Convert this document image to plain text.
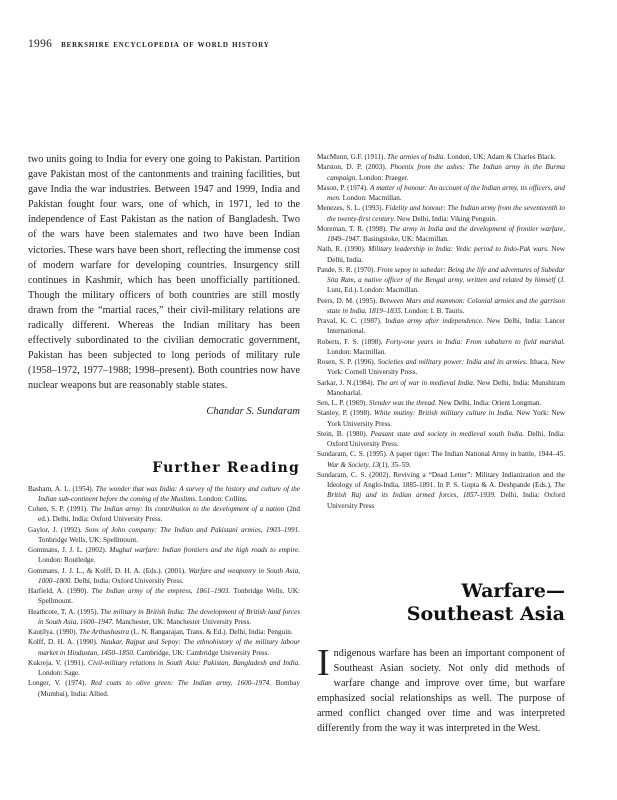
1996 berkshire encyclopedia of world history

two units going to India for every one going to Pakistan. Partition gave Pakistan most of the cantonments and training facilities, but gave India the war industries. Between 1947 and 1999, India and Pakistan fought four wars, one of which, in 1971, led to the independence of East Pakistan as the nation of Bangladesh. Two of the wars have been stalemates and two have been Indian victories. These wars have been short, reflecting the immense cost of modern warfare for developing countries. Insurgency still continues in Kashmir, which has been unofficially partitioned. Though the military officers of both countries are still mostly drawn from the “martial races,” their civil-military relations are radically different. Whereas the Indian military has been effectively subordinated to the civilian democratic government, Pakistan has been subjected to long periods of military rule (1958–1972, 1977–1988; 1998–present). Both countries now have nuclear weapons but are reasonably stable states.

Chandar S. Sundaram

Further Reading
Basham, A. L. (1954). The wonder that was India: A survey of the history and culture of the Indian sub-continent before the coming of the Muslims. London: Collins.
Cohen, S. P. (1991). The Indian army: Its contribution to the development of a nation (2nd ed.). Delhi, India: Oxford University Press.
Gaylor, J. (1992). Sons of John company: The Indian and Pakistani armies, 1903–1991. Tonbridge Wells, UK: Spellmount.
Gommans, J. J. L. (2002). Mughal warfare: Indian frontiers and the high roads to empire. London: Routledge.
Gommans, J. J. L., & Kolff, D. H. A. (Eds.). (2001). Warfare and weaponry in South Asia, 1000–1800. Delhi, India: Oxford University Press.
Harfield, A. (1990). The Indian army of the empress, 1861–1903. Tonbridge Wells, UK: Spellmount.
Heathcote, T. A. (1995). The military in British India: The development of British land forces in South Asia, 1600–1947. Manchester, UK: Manchester University Press.
Kauṭilya. (1990). The Arthashastra (L. N. Rangarajan, Trans. & Ed.). Delhi, India: Penguin.
Kolff, D. H. A. (1990). Naukar, Rajput and Sepoy: The ethnohistory of the military labour market in Hindustan, 1450–1850. Cambridge, UK: Cambridge University Press.
Kukreja, V. (1991). Civil-military relations in South Asia: Pakistan, Bangladesh and India. London: Sage.
Longer, V. (1974). Red coats to olive green: The Indian army, 1600–1974. Bombay (Mumbai), India: Allied.
MacMunn, G.F. (1911). The armies of India. London, UK: Adam & Charles Black.
Marston, D. P. (2003). Phoenix from the ashes: The Indian army in the Burma campaign. London: Praeger.
Mason, P. (1974). A matter of honour: An account of the Indian army, its officers, and men. London: Macmillan.
Menezes, S. L. (1993). Fidelity and honour: The Indian army from the seventeenth to the twenty-first century. New Delhi, India: Viking Penguin.
Moreman, T. R. (1998). The army in India and the development of frontier warfare, 1849–1947. Basingstoke, UK: Macmillan.
Nath, R. (1990). Military leadership in India: Vedic period to Indo-Pak wars. New Delhi, India.
Pande, S. R. (1970). From sepoy to subedar: Being the life and adventures of Subedar Sita Ram, a native officer of the Bengal army, written and related by himself (J. Lunt, Ed.). London: Macmillan.
Peers, D. M. (1995). Between Mars and mammon: Colonial armies and the garrison state in India, 1819–1835. London: I. B. Tauris.
Praval, K. C. (1987). Indian army after independence. New Delhi, India: Lancer International.
Roberts, F. S. (1898). Forty-one years in India: From subaltern to field marshal. London: Macmillan.
Rosen, S. P. (1996). Societies and military power: India and its armies. Ithaca, New York: Cornell University Press.
Sarkar, J. N.(1984). The art of war in medieval India. New Delhi, India: Munshiram Manoharlal.
Sen, L. P. (1969). Slender was the thread. New Delhi, India: Orient Longman.
Stanley, P. (1998). White mutiny: British military culture in India. New York: New York University Press.
Stein, B. (1980). Peasant state and society in medieval south India. Delhi, India: Oxford University Press.
Sundaram, C. S. (1995). A paper tiger: The Indian National Army in battle, 1944–45. War & Society, 13(1), 35–59.
Sundaram, C. S. (2002). Reviving a “Dead Letter”: Military Indianization and the Ideology of Anglo-India, 1885-1891. In P. S. Gupta & A. Deshpande (Eds.), The British Raj and its Indian armed forces, 1857-1939. Delhi, India: Oxford University Press
Warfare—
Southeast Asia

Indigenous warfare has been an important component of Southeast Asian society. Not only did methods of warfare change and improve over time, but warfare emphasized social relationships as well. The purpose of armed conflict changed over time and was interpreted differently from the way it was interpreted in the West.
